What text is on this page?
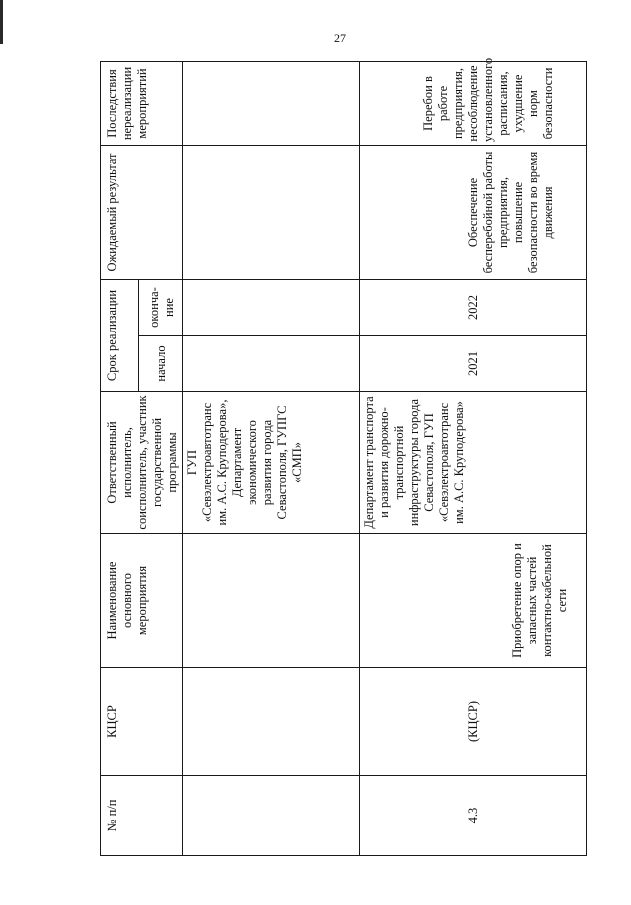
27
№ п/п	КЦСР	Наименование основного мероприятия	Ответственный исполнитель, соисполнитель, участник государственной программы	Срок реализации		Ожидаемый результат	Последствия нереализации мероприятий

				начало	оконча-ние		

			ГУП «Севэлектроавтотранс им. А.С. Круподерова», Департамент экономического развития города Севастополя, ГУПГС «СМП»				
4.3	(КЦСР)	Приобретение опор и запасных частей контактно-кабельной сети	Департамент транспорта и развития дорожно-транспортной инфраструктуры города Севастополя, ГУП «Севэлектроавтотранс им. А.С. Круподерова»	2021	2022	Обеспечение бесперебойной работы предприятия, повышение безопасности во время движения	Перебои в работе предприятия, несоблюдение установленного расписания, ухудшение норм безопасности
